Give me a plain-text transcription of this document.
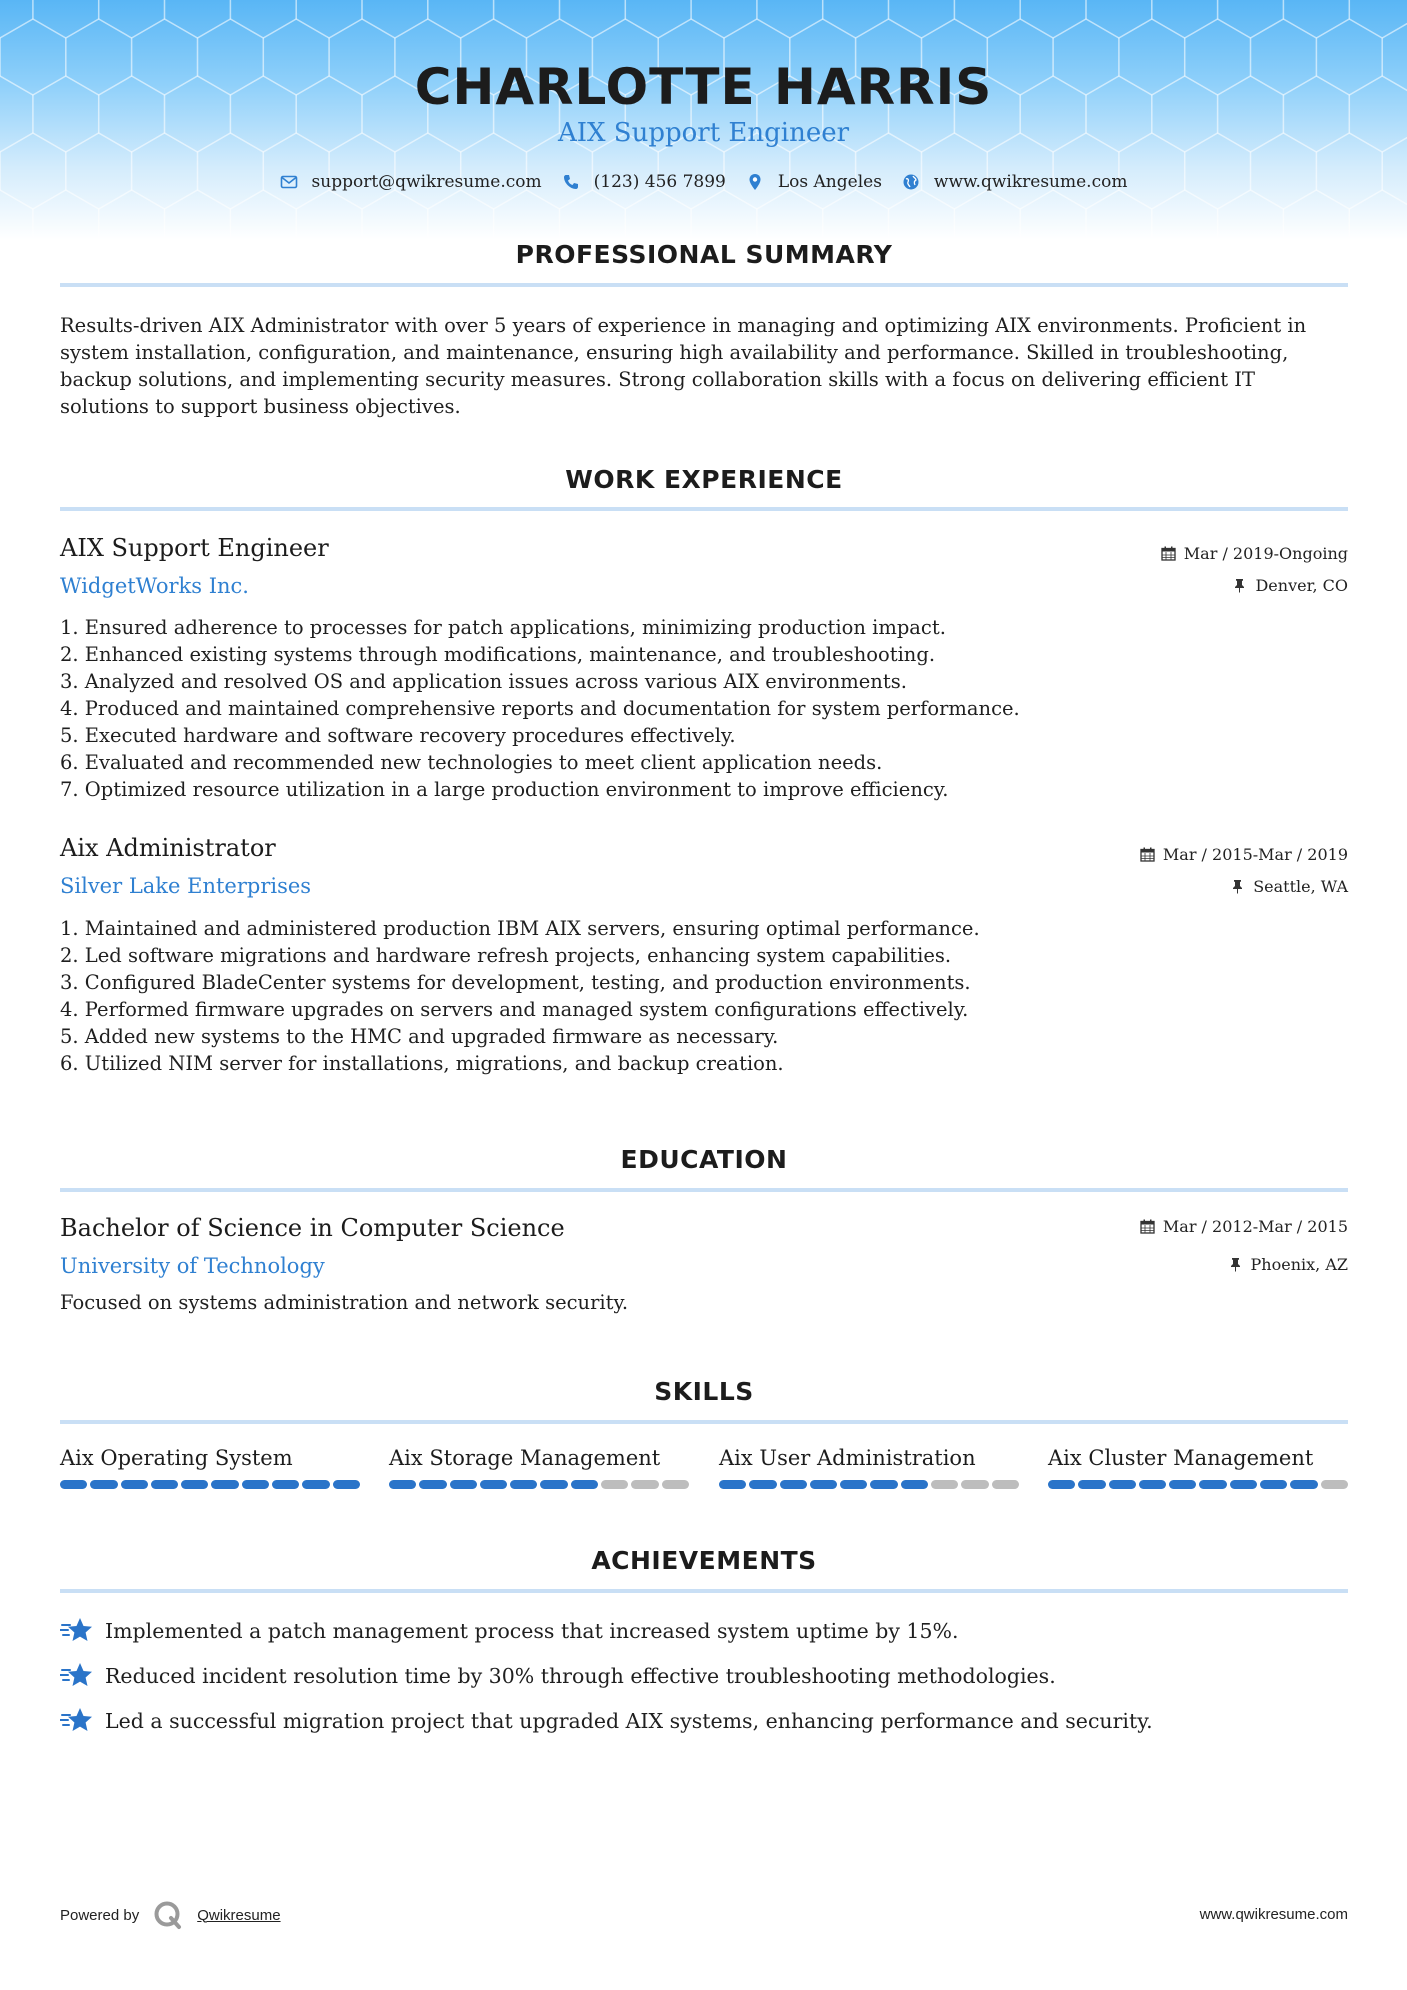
CHARLOTTE HARRIS
AIX Support Engineer
support@qwikresume.com	(123) 456 7899	Los Angeles	www.qwikresume.com
PROFESSIONAL SUMMARY
Results-driven AIX Administrator with over 5 years of experience in managing and optimizing AIX environments. Proficient in
system installation, configuration, and maintenance, ensuring high availability and performance. Skilled in troubleshooting,
backup solutions, and implementing security measures. Strong collaboration skills with a focus on delivering efficient IT
solutions to support business objectives.
WORK EXPERIENCE
AIX Support Engineer
WidgetWorks Inc.
Mar / 2019-Ongoing
Denver, CO
1. Ensured adherence to processes for patch applications, minimizing production impact.
2. Enhanced existing systems through modifications, maintenance, and troubleshooting.
3. Analyzed and resolved OS and application issues across various AIX environments.
4. Produced and maintained comprehensive reports and documentation for system performance.
5. Executed hardware and software recovery procedures effectively.
6. Evaluated and recommended new technologies to meet client application needs.
7. Optimized resource utilization in a large production environment to improve efficiency.
Aix Administrator
Silver Lake Enterprises
Mar / 2015-Mar / 2019
Seattle, WA
1. Maintained and administered production IBM AIX servers, ensuring optimal performance.
2. Led software migrations and hardware refresh projects, enhancing system capabilities.
3. Configured BladeCenter systems for development, testing, and production environments.
4. Performed firmware upgrades on servers and managed system configurations effectively.
5. Added new systems to the HMC and upgraded firmware as necessary.
6. Utilized NIM server for installations, migrations, and backup creation.
EDUCATION
Bachelor of Science in Computer Science
University of Technology
Mar / 2012-Mar / 2015
Phoenix, AZ
Focused on systems administration and network security.
SKILLS
Aix Operating System	Aix Storage Management	Aix User Administration	Aix Cluster Management
ACHIEVEMENTS
Implemented a patch management process that increased system uptime by 15%.
Reduced incident resolution time by 30% through effective troubleshooting methodologies.
Led a successful migration project that upgraded AIX systems, enhancing performance and security.
Powered by	Qwikresume	www.qwikresume.com
